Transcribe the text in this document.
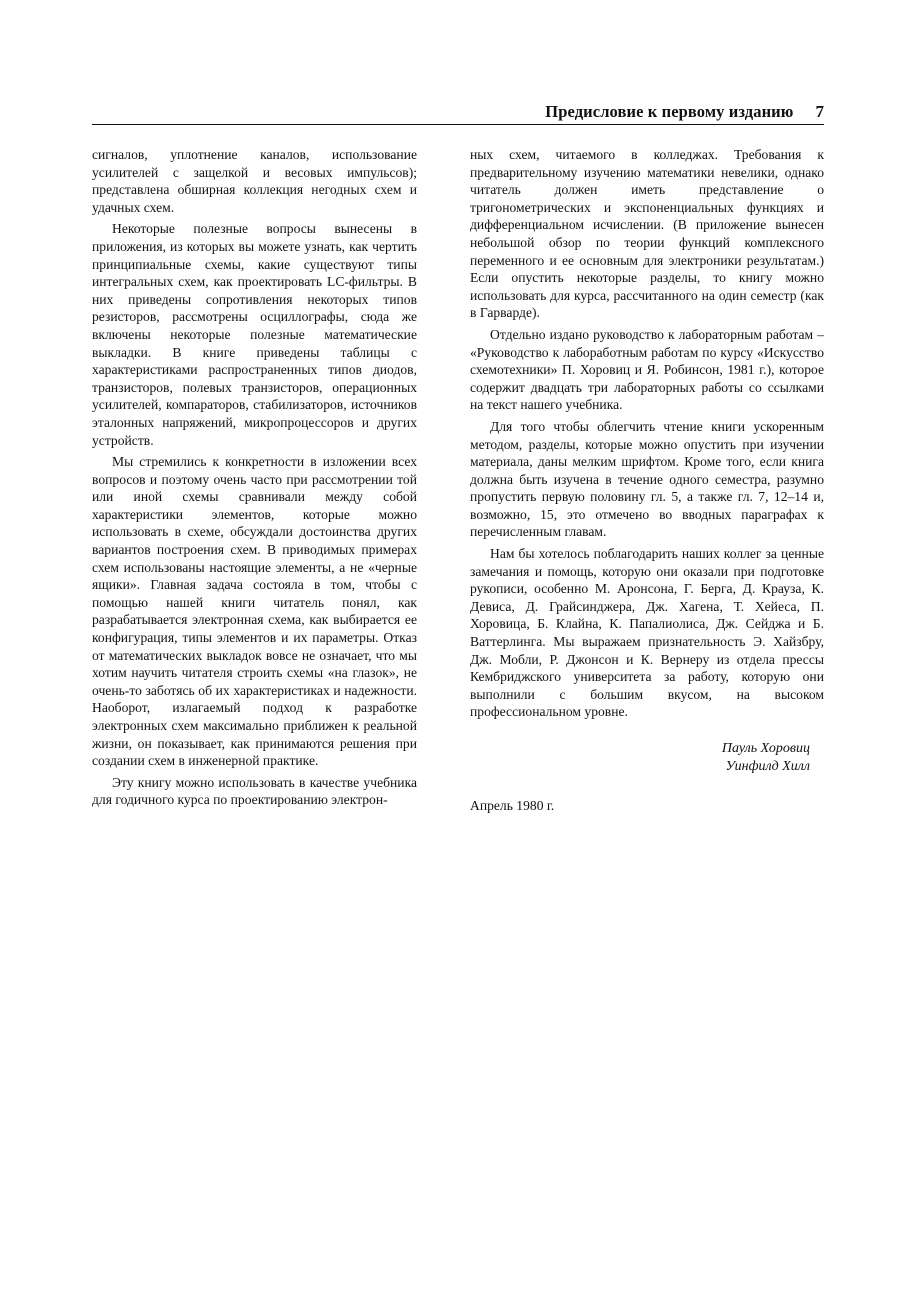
Предисловие к первому изданию 7

сигналов, уплотнение каналов, использование усилителей с защелкой и весовых импульсов); представлена обширная коллекция негодных схем и удачных схем.

Некоторые полезные вопросы вынесены в приложения, из которых вы можете узнать, как чертить принципиальные схемы, какие существуют типы интегральных схем, как проектировать LC-фильтры. В них приведены сопротивления некоторых типов резисторов, рассмотрены осциллографы, сюда же включены некоторые полезные математические выкладки. В книге приведены таблицы с характеристиками распространенных типов диодов, транзисторов, полевых транзисторов, операционных усилителей, компараторов, стабилизаторов, источников эталонных напряжений, микропроцессоров и других устройств.

Мы стремились к конкретности в изложении всех вопросов и поэтому очень часто при рассмотрении той или иной схемы сравнивали между собой характеристики элементов, которые можно использовать в схеме, обсуждали достоинства других вариантов построения схем. В приводимых примерах схем использованы настоящие элементы, а не «черные ящики». Главная задача состояла в том, чтобы с помощью нашей книги читатель понял, как разрабатывается электронная схема, как выбирается ее конфигурация, типы элементов и их параметры. Отказ от математических выкладок вовсе не означает, что мы хотим научить читателя строить схемы «на глазок», не очень-то заботясь об их характеристиках и надежности. Наоборот, излагаемый подход к разработке электронных схем максимально приближен к реальной жизни, он показывает, как принимаются решения при создании схем в инженерной практике.

Эту книгу можно использовать в качестве учебника для годичного курса по проектированию электрон-

ных схем, читаемого в колледжах. Требования к предварительному изучению математики невелики, однако читатель должен иметь представление о тригонометрических и экспоненциальных функциях и дифференциальном исчислении. (В приложение вынесен небольшой обзор по теории функций комплексного переменного и ее основным для электроники результатам.) Если опустить некоторые разделы, то книгу можно использовать для курса, рассчитанного на один семестр (как в Гарварде).

Отдельно издано руководство к лабораторным работам – «Руководство к лаборабoтным работам по курсу «Искусство схемотехники» П. Хоровиц и Я. Робинсон, 1981 г.), которое содержит двадцать три лабораторных работы со ссылками на текст нашего учебника.

Для того чтобы облегчить чтение книги ускоренным методом, разделы, которые можно опустить при изучении материала, даны мелким шрифтом. Кроме того, если книга должна быть изучена в течение одного семестра, разумно пропустить первую половину гл. 5, а также гл. 7, 12–14 и, возможно, 15, это отмечено во вводных параграфах к перечисленным главам.

Нам бы хотелось поблагодарить наших коллег за ценные замечания и помощь, которую они оказали при подготовке рукописи, особенно М. Аронсона, Г. Берга, Д. Крауза, К. Девиса, Д. Грайсинджера, Дж. Хагена, Т. Хейеса, П. Хоровица, Б. Клайна, К. Папалиолиса, Дж. Сейджа и Б. Ваттерлинга. Мы выражаем признательность Э. Хайзбру, Дж. Мобли, Р. Джонсон и К. Вернеру из отдела прессы Кембриджского университета за работу, которую они выполнили с большим вкусом, на высоком профессиональном уровне.

Пауль Хоровиц
Уинфилд Хилл
Апрель 1980 г.
